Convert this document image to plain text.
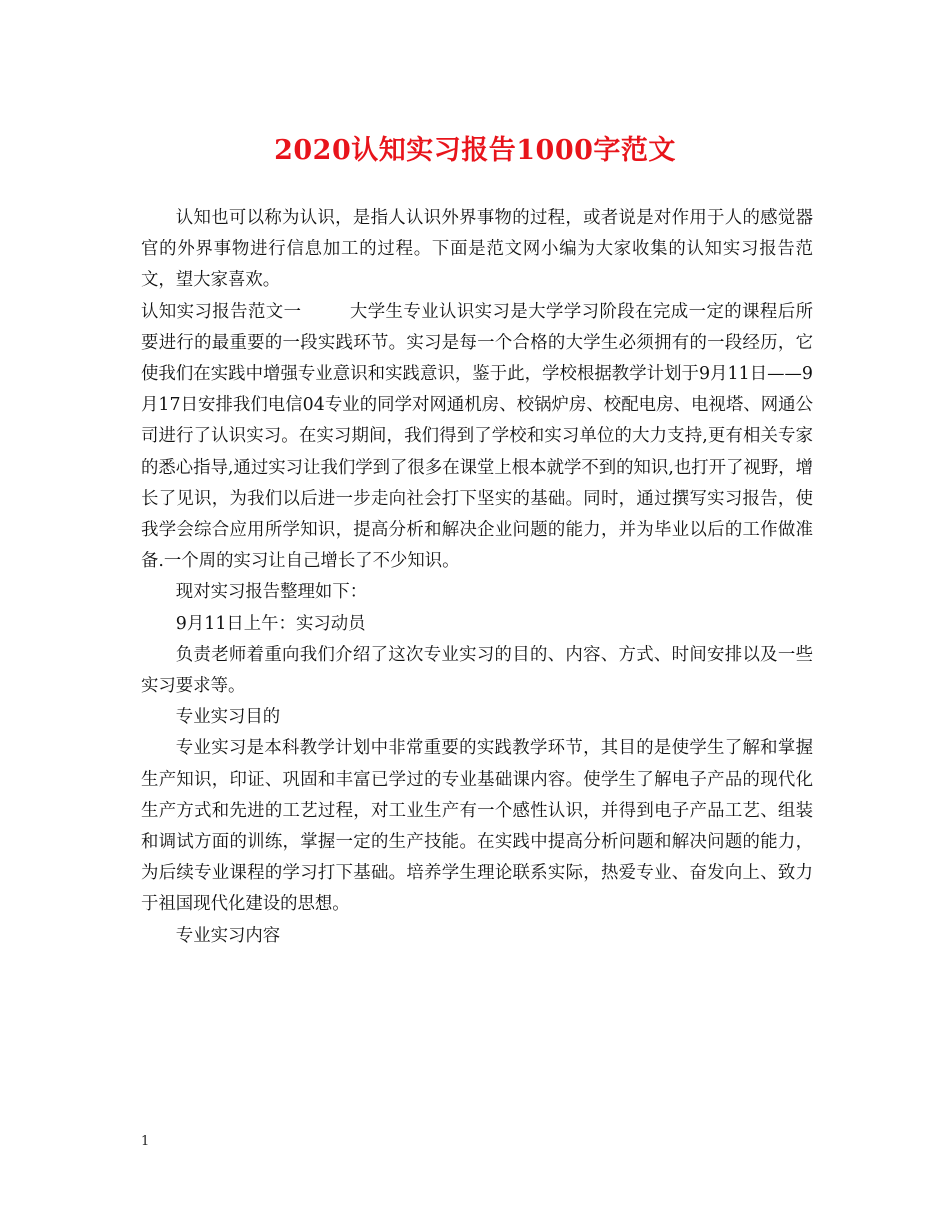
2020认知实习报告1000字范文

认知也可以称为认识，是指人认识外界事物的过程，或者说是对作用于人的感觉器官的外界事物进行信息加工的过程。下面是范文网小编为大家收集的认知实习报告范文，望大家喜欢。

认知实习报告范文一	大学生专业认识实习是大学学习阶段在完成一定的课程后所要进行的最重要的一段实践环节。实习是每一个合格的大学生必须拥有的一段经历，它使我们在实践中增强专业意识和实践意识，鉴于此，学校根据教学计划于9月11日——9月17日安排我们电信04专业的同学对网通机房、校锅炉房、校配电房、电视塔、网通公司进行了认识实习。在实习期间，我们得到了学校和实习单位的大力支持,更有相关专家的悉心指导,通过实习让我们学到了很多在课堂上根本就学不到的知识,也打开了视野，增长了见识，为我们以后进一步走向社会打下坚实的基础。同时，通过撰写实习报告，使我学会综合应用所学知识，提高分析和解决企业问题的能力，并为毕业以后的工作做准备.一个周的实习让自己增长了不少知识。

现对实习报告整理如下：

9月11日上午：实习动员

负责老师着重向我们介绍了这次专业实习的目的、内容、方式、时间安排以及一些实习要求等。

专业实习目的

专业实习是本科教学计划中非常重要的实践教学环节，其目的是使学生了解和掌握生产知识，印证、巩固和丰富已学过的专业基础课内容。使学生了解电子产品的现代化生产方式和先进的工艺过程，对工业生产有一个感性认识，并得到电子产品工艺、组装和调试方面的训练，掌握一定的生产技能。在实践中提高分析问题和解决问题的能力，为后续专业课程的学习打下基础。培养学生理论联系实际，热爱专业、奋发向上、致力于祖国现代化建设的思想。

专业实习内容

1
